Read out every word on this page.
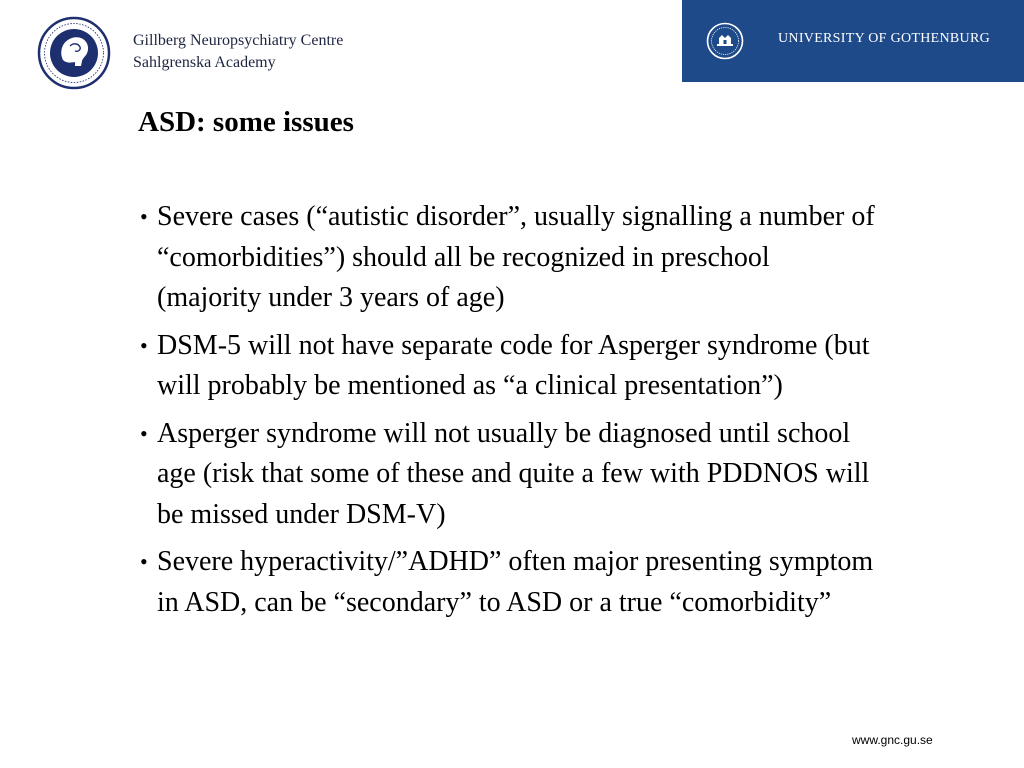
Gillberg Neuropsychiatry Centre
Sahlgrenska Academy
UNIVERSITY OF GOTHENBURG
ASD: some issues
• Severe cases (“autistic disorder”, usually signalling a number of “comorbidities”) should all be recognized in preschool (majority under 3 years of age)
• DSM-5 will not have separate code for Asperger syndrome (but will probably be mentioned as “a clinical presentation”)
• Asperger syndrome will not usually be diagnosed until school age (risk that some of these and quite a few with PDDNOS will be missed under DSM-V)
• Severe hyperactivity/”ADHD” often major presenting symptom in ASD, can be “secondary” to ASD or a true “comorbidity”
www.gnc.gu.se
